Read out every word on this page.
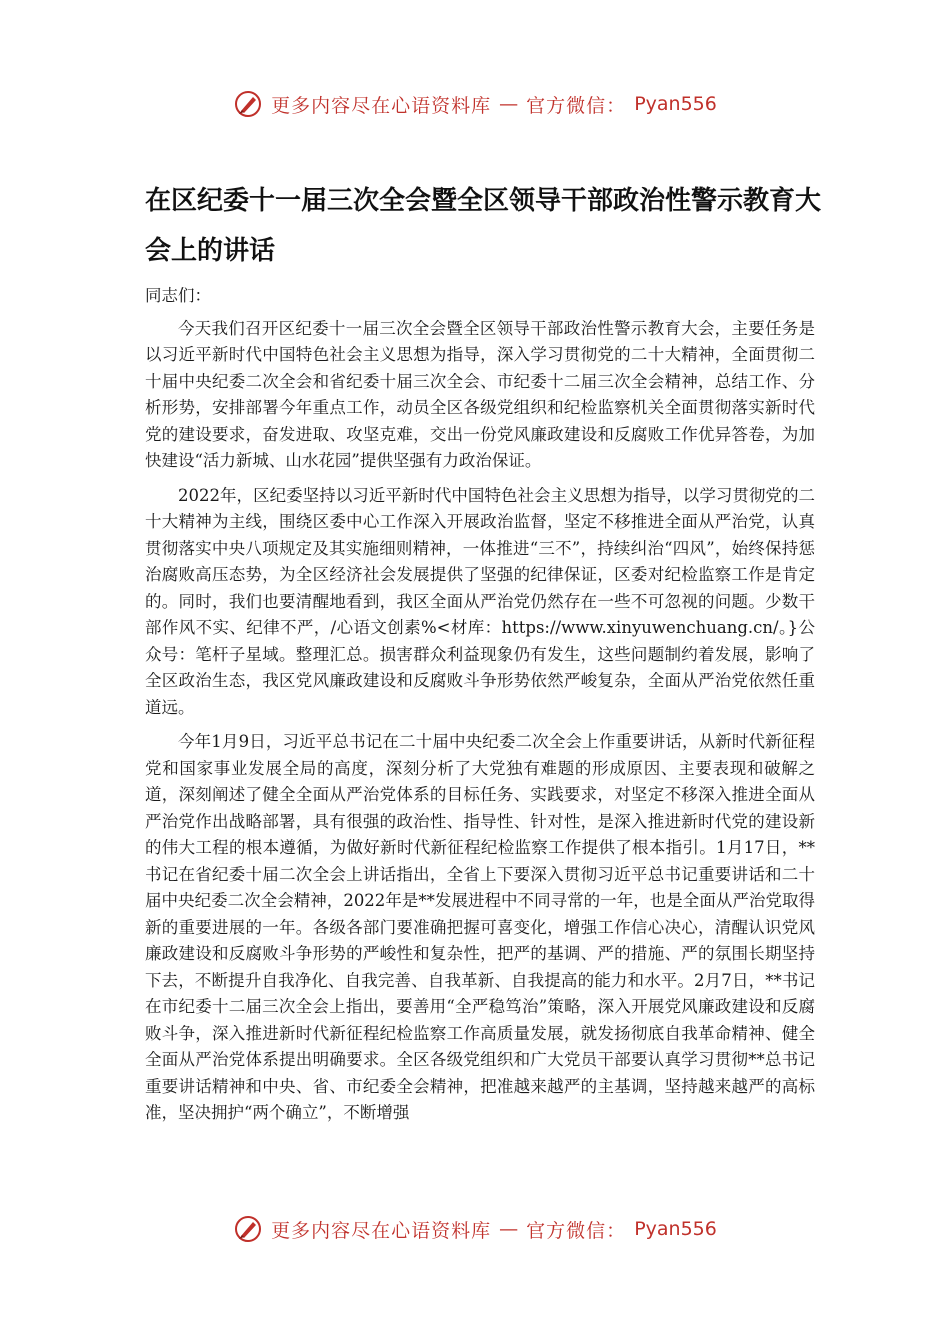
更多内容尽在心语资料库 — 官方微信： Pyan556
在区纪委十一届三次全会暨全区领导干部政治性警示教育大会上的讲话

同志们：

今天我们召开区纪委十一届三次全会暨全区领导干部政治性警示教育大会，主要任务是以习近平新时代中国特色社会主义思想为指导，深入学习贯彻党的二十大精神，全面贯彻二十届中央纪委二次全会和省纪委十届三次全会、市纪委十二届三次全会精神，总结工作、分析形势，安排部署今年重点工作，动员全区各级党组织和纪检监察机关全面贯彻落实新时代党的建设要求，奋发进取、攻坚克难，交出一份党风廉政建设和反腐败工作优异答卷，为加快建设“活力新城、山水花园”提供坚强有力政治保证。

2022年，区纪委坚持以习近平新时代中国特色社会主义思想为指导，以学习贯彻党的二十大精神为主线，围绕区委中心工作深入开展政治监督，坚定不移推进全面从严治党，认真贯彻落实中央八项规定及其实施细则精神，一体推进“三不”，持续纠治“四风”，始终保持惩治腐败高压态势，为全区经济社会发展提供了坚强的纪律保证，区委对纪检监察工作是肯定的。同时，我们也要清醒地看到，我区全面从严治党仍然存在一些不可忽视的问题。少数干部作风不实、纪律不严，/心语文创素%<材库：https://www.xinyuwenchuang.cn/。}公众号：笔杆子星域。整理汇总。损害群众利益现象仍有发生，这些问题制约着发展，影响了全区政治生态，我区党风廉政建设和反腐败斗争形势依然严峻复杂，全面从严治党依然任重道远。

今年1月9日，习近平总书记在二十届中央纪委二次全会上作重要讲话，从新时代新征程党和国家事业发展全局的高度，深刻分析了大党独有难题的形成原因、主要表现和破解之道，深刻阐述了健全全面从严治党体系的目标任务、实践要求，对坚定不移深入推进全面从严治党作出战略部署，具有很强的政治性、指导性、针对性，是深入推进新时代党的建设新的伟大工程的根本遵循，为做好新时代新征程纪检监察工作提供了根本指引。1月17日，**书记在省纪委十届二次全会上讲话指出，全省上下要深入贯彻习近平总书记重要讲话和二十届中央纪委二次全会精神，2022年是**发展进程中不同寻常的一年，也是全面从严治党取得新的重要进展的一年。各级各部门要准确把握可喜变化，增强工作信心决心，清醒认识党风廉政建设和反腐败斗争形势的严峻性和复杂性，把严的基调、严的措施、严的氛围长期坚持下去，不断提升自我净化、自我完善、自我革新、自我提高的能力和水平。2月7日，**书记在市纪委十二届三次全会上指出，要善用“全严稳笃治”策略，深入开展党风廉政建设和反腐败斗争，深入推进新时代新征程纪检监察工作高质量发展，就发扬彻底自我革命精神、健全全面从严治党体系提出明确要求。全区各级党组织和广大党员干部要认真学习贯彻**总书记重要讲话精神和中央、省、市纪委全会精神，把准越来越严的主基调，坚持越来越严的高标准，坚决拥护“两个确立”，不断增强

更多内容尽在心语资料库 — 官方微信： Pyan556
